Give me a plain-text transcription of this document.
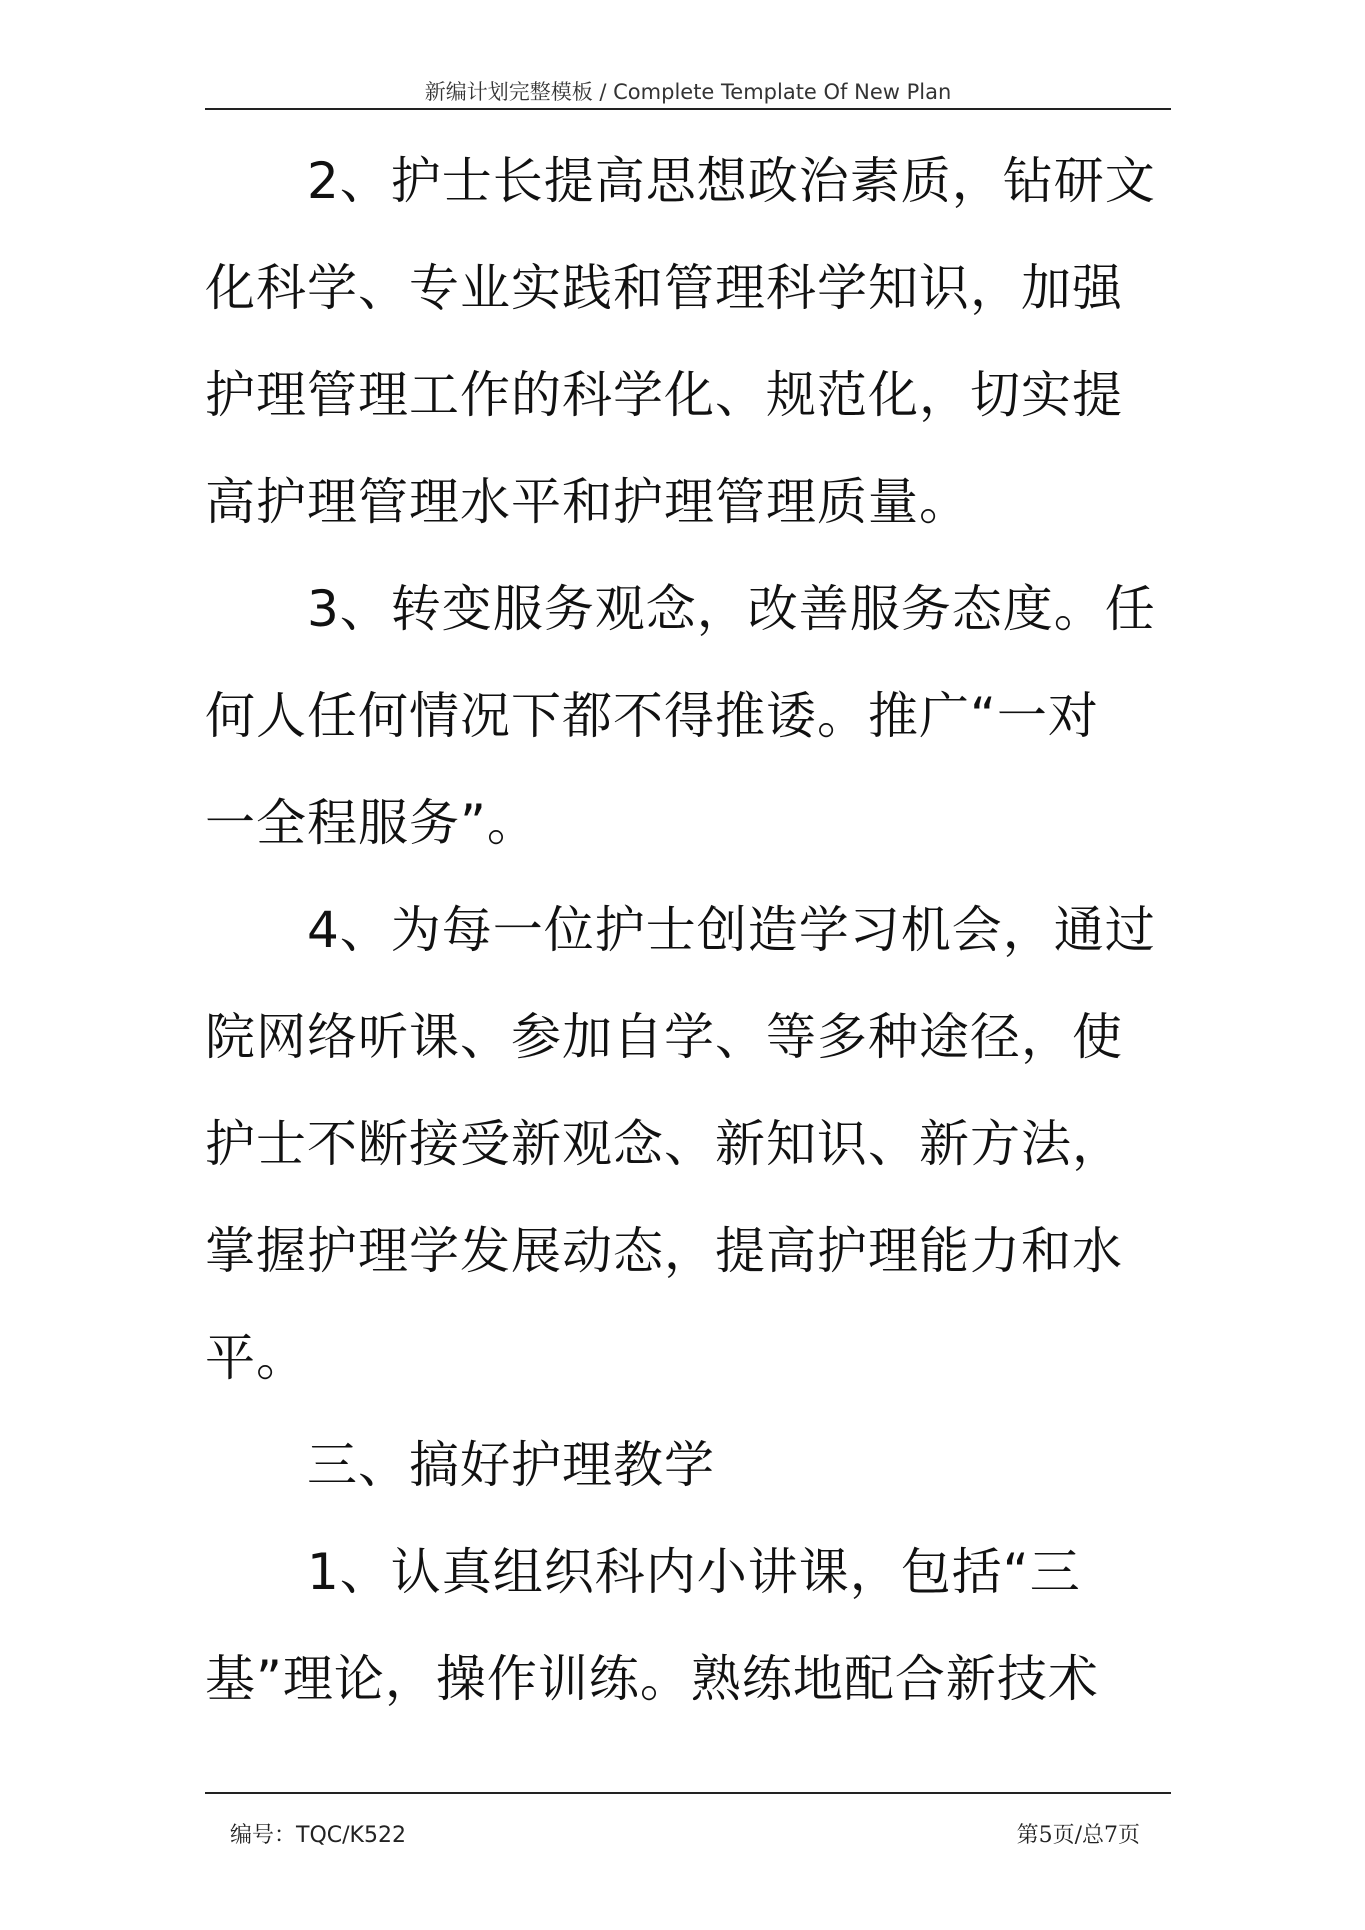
新编计划完整模板 / Complete Template Of New Plan
2、护士长提高思想政治素质，钻研文
化科学、专业实践和管理科学知识，加强
护理管理工作的科学化、规范化，切实提
高护理管理水平和护理管理质量。
3、转变服务观念，改善服务态度。任
何人任何情况下都不得推诿。推广“一对
一全程服务”。
4、为每一位护士创造学习机会，通过
院网络听课、参加自学、等多种途径，使
护士不断接受新观念、新知识、新方法，
掌握护理学发展动态，提高护理能力和水
平。
三、搞好护理教学
1、认真组织科内小讲课，包括“三
基”理论，操作训练。熟练地配合新技术
编号：TQC/K522	第5页/总7页
